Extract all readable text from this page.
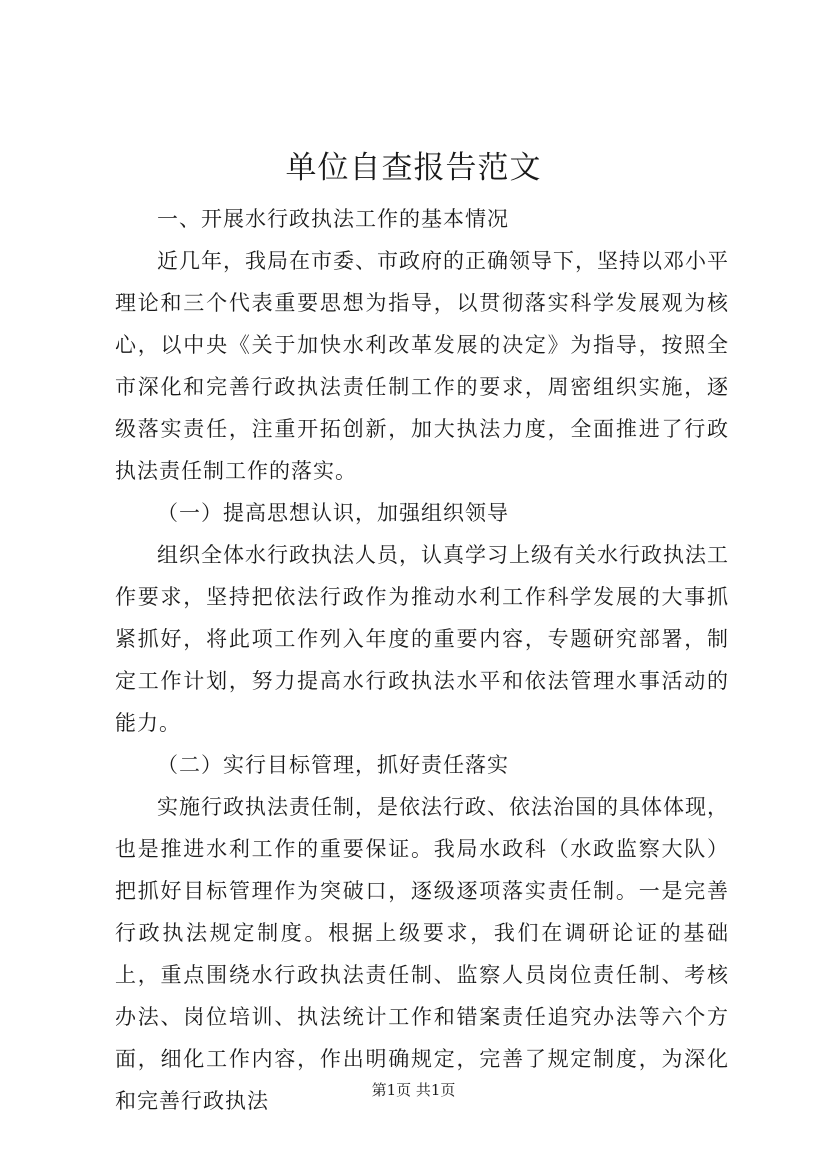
单位自查报告范文

一、开展水行政执法工作的基本情况

近几年，我局在市委、市政府的正确领导下，坚持以邓小平理论和三个代表重要思想为指导，以贯彻落实科学发展观为核心，以中央《关于加快水利改革发展的决定》为指导，按照全市深化和完善行政执法责任制工作的要求，周密组织实施，逐级落实责任，注重开拓创新，加大执法力度，全面推进了行政执法责任制工作的落实。

（一）提高思想认识，加强组织领导

组织全体水行政执法人员，认真学习上级有关水行政执法工作要求，坚持把依法行政作为推动水利工作科学发展的大事抓紧抓好，将此项工作列入年度的重要内容，专题研究部署，制定工作计划，努力提高水行政执法水平和依法管理水事活动的能力。

（二）实行目标管理，抓好责任落实

实施行政执法责任制，是依法行政、依法治国的具体体现，也是推进水利工作的重要保证。我局水政科（水政监察大队）把抓好目标管理作为突破口，逐级逐项落实责任制。一是完善行政执法规定制度。根据上级要求，我们在调研论证的基础上，重点围绕水行政执法责任制、监察人员岗位责任制、考核办法、岗位培训、执法统计工作和错案责任追究办法等六个方面，细化工作内容，作出明确规定，完善了规定制度，为深化和完善行政执法	第1页 共1页
